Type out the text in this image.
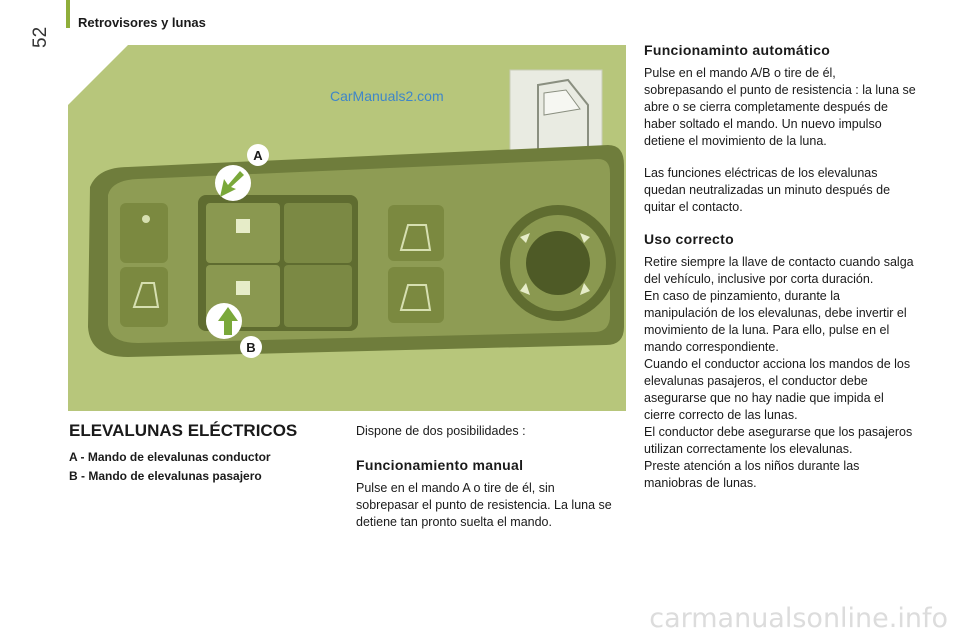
Retrovisores y lunas
52
A
B
CarManuals2.com
ELEVALUNAS ELÉCTRICOS
A - Mando de elevalunas conductor
B - Mando de elevalunas pasajero

Dispone de dos posibilidades :

Funcionamiento manual

Pulse en el mando A o tire de él, sin sobrepasar el punto de resistencia. La luna se detiene tan pronto suelta el mando.

Funcionaminto automático

Pulse en el mando A/B o tire de él, sobrepasando el punto de resistencia : la luna se abre o se cierra completamente después de haber soltado el mando. Un nuevo impulso detiene el movimiento de la luna.

Las funciones eléctricas de los elevalunas quedan neutralizadas un minuto después de quitar el contacto.

Uso correcto

Retire siempre la llave de contacto cuando salga del vehículo, inclusive por corta duración.

En caso de pinzamiento, durante la manipulación de los elevalunas, debe invertir el movimiento de la luna. Para ello, pulse en el mando correspondiente.

Cuando el conductor acciona los mandos de los elevalunas pasajeros, el conductor debe asegurarse que no hay nadie que impida el cierre correcto de las lunas.

El conductor debe asegurarse que los pasajeros utilizan correctamente los elevalunas.

Preste atención a los niños durante las maniobras de lunas.

carmanualsonline.info
